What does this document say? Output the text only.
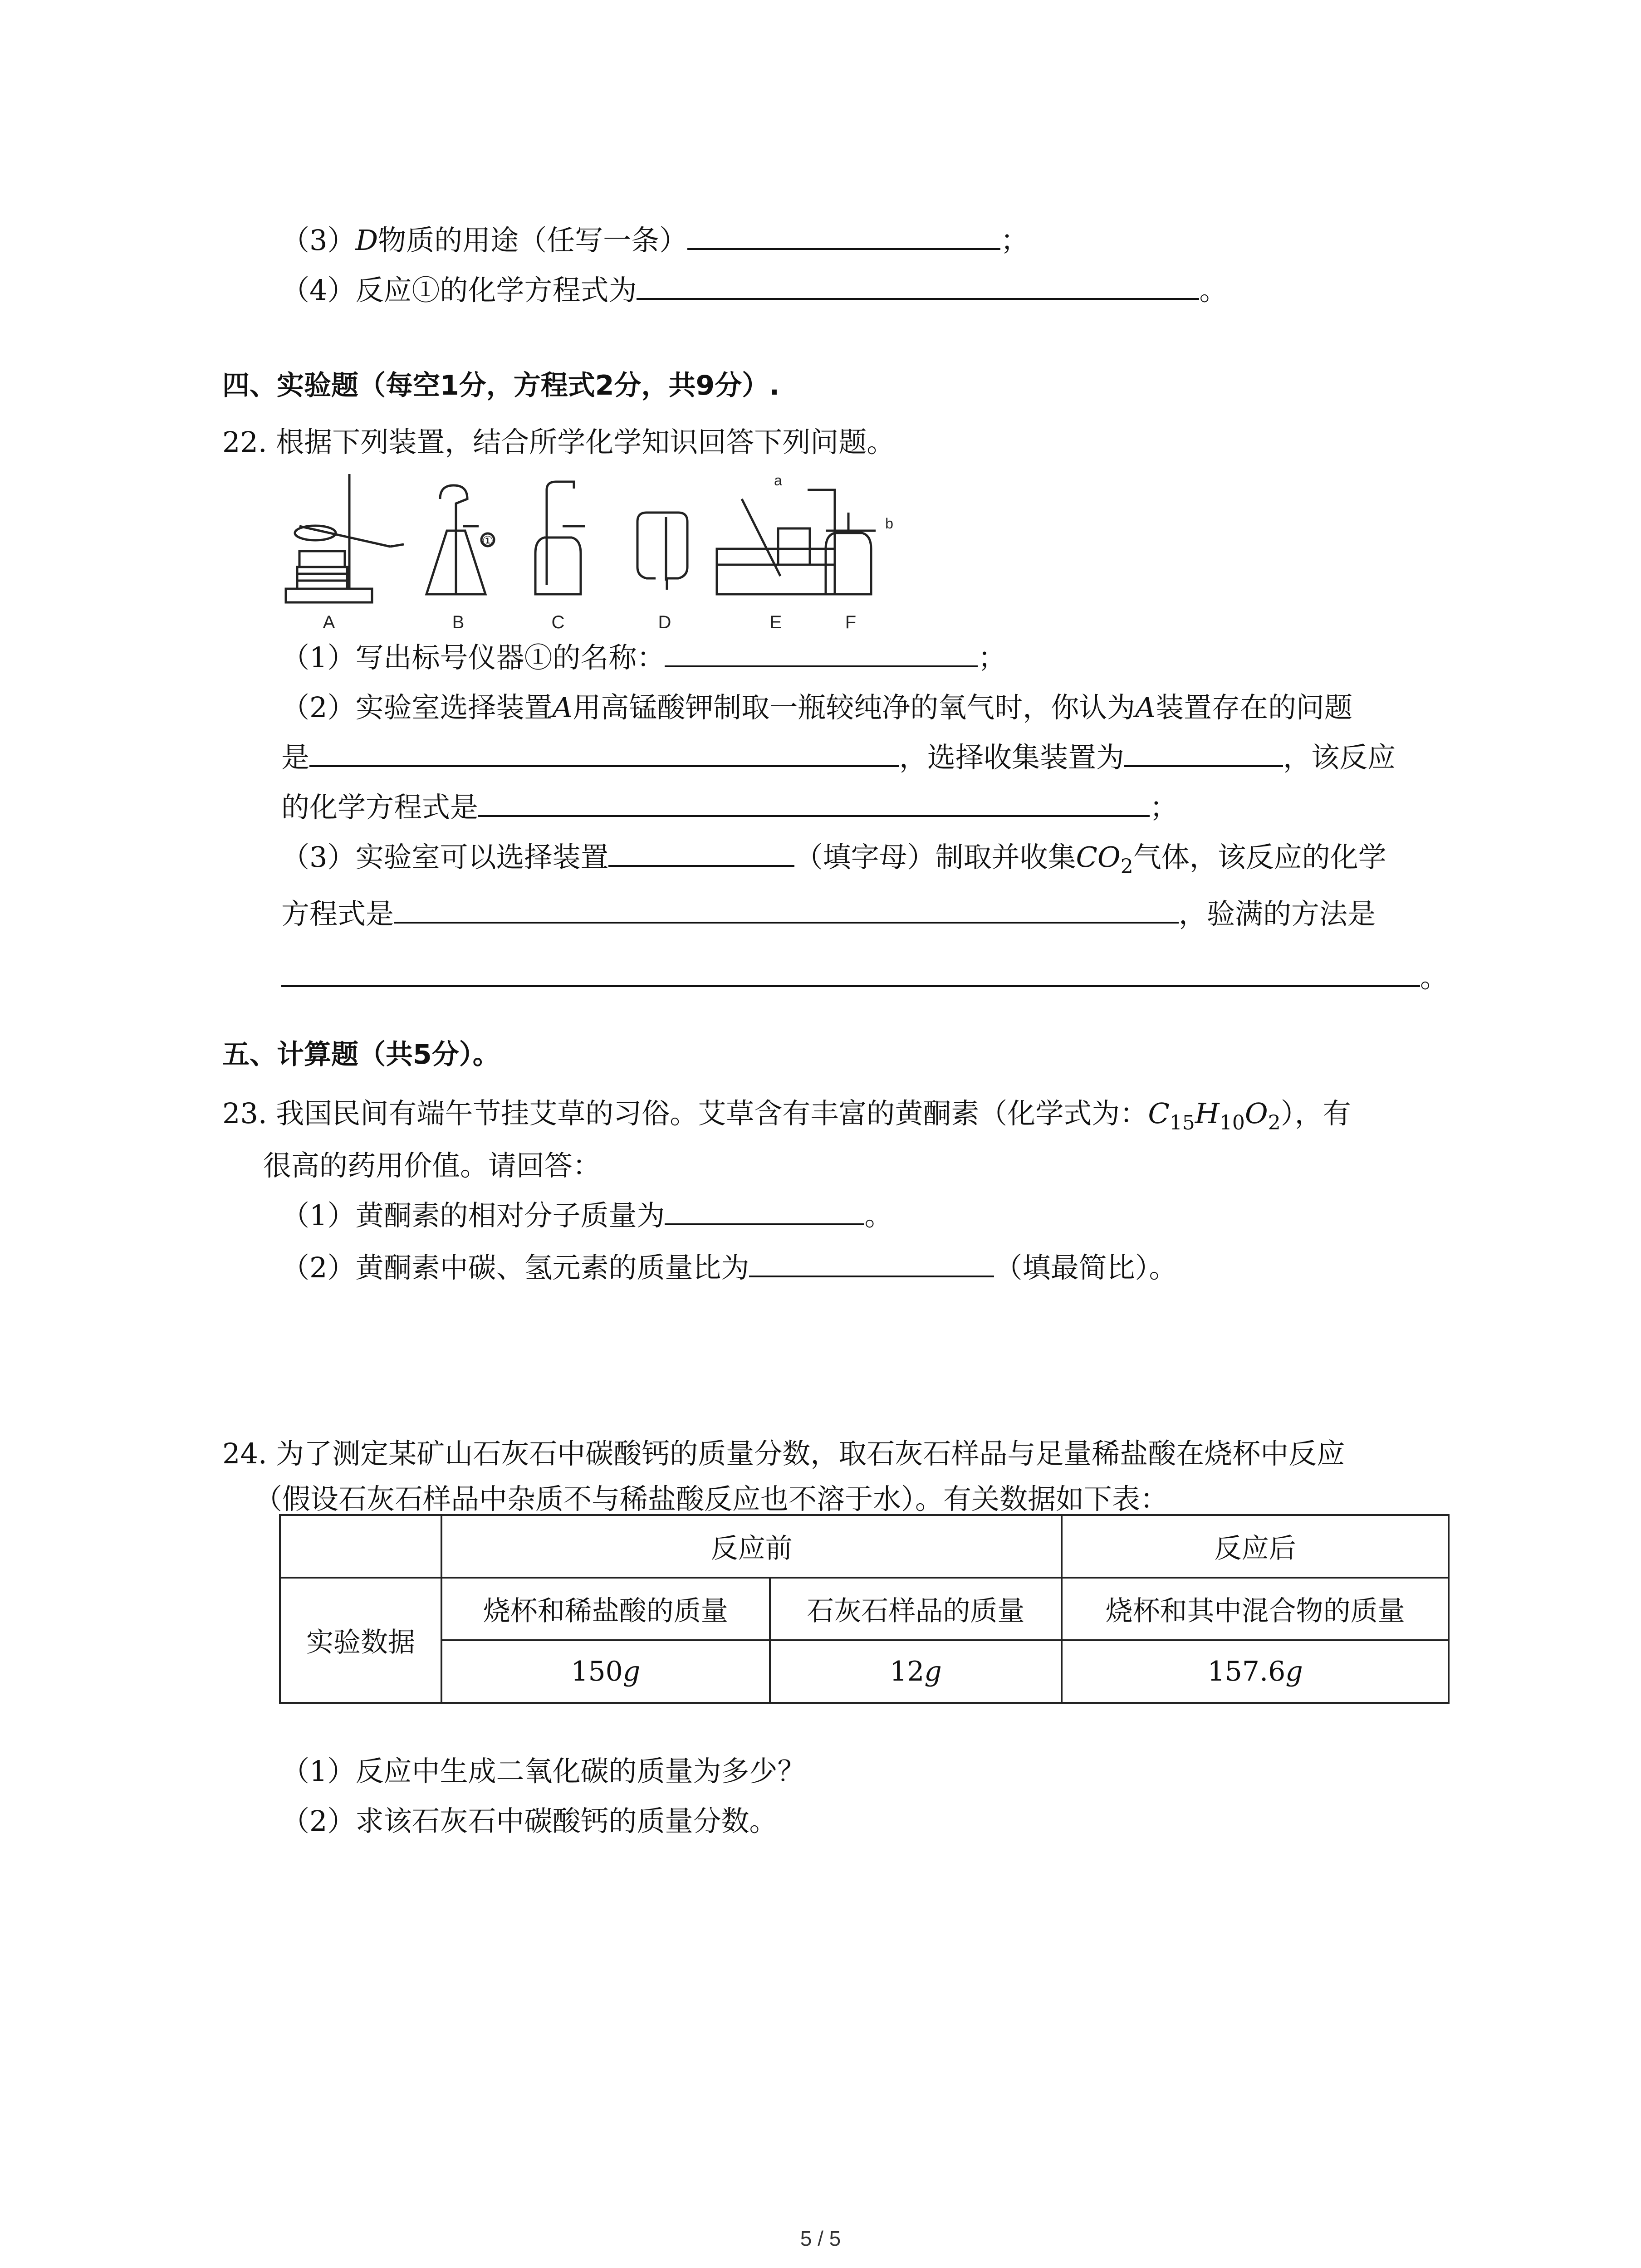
（3）D物质的用途（任写一条）	；
（4）反应①的化学方程式为	。
四、实验题（每空1分，方程式2分，共9分）.
22. 根据下列装置，结合所学化学知识回答下列问题。
A	B	C	D	E	F
①
a
b
（1）写出标号仪器①的名称：	；
（2）实验室选择装置A用高锰酸钾制取一瓶较纯净的氧气时，你认为A装置存在的问题
是	，选择收集装置为	，该反应
的化学方程式是	；
（3）实验室可以选择装置	（填字母）制取并收集$CO_2$气体，该反应的化学
方程式是	，验满的方法是
。
五、计算题（共5分）。
23. 我国民间有端午节挂艾草的习俗。艾草含有丰富的黄酮素（化学式为：$C_{15}H_{10}O_2$），有
很高的药用价值。请回答：
（1）黄酮素的相对分子质量为	。
（2）黄酮素中碳、氢元素的质量比为	（填最简比）。
24. 为了测定某矿山石灰石中碳酸钙的质量分数，取石灰石样品与足量稀盐酸在烧杯中反应
（假设石灰石样品中杂质不与稀盐酸反应也不溶于水）。有关数据如下表：
	反应前		反应后
实验数据	烧杯和稀盐酸的质量	石灰石样品的质量	烧杯和其中混合物的质量
	150g	12g	157.6g
（1）反应中生成二氧化碳的质量为多少？
（2）求该石灰石中碳酸钙的质量分数。
5 / 5
